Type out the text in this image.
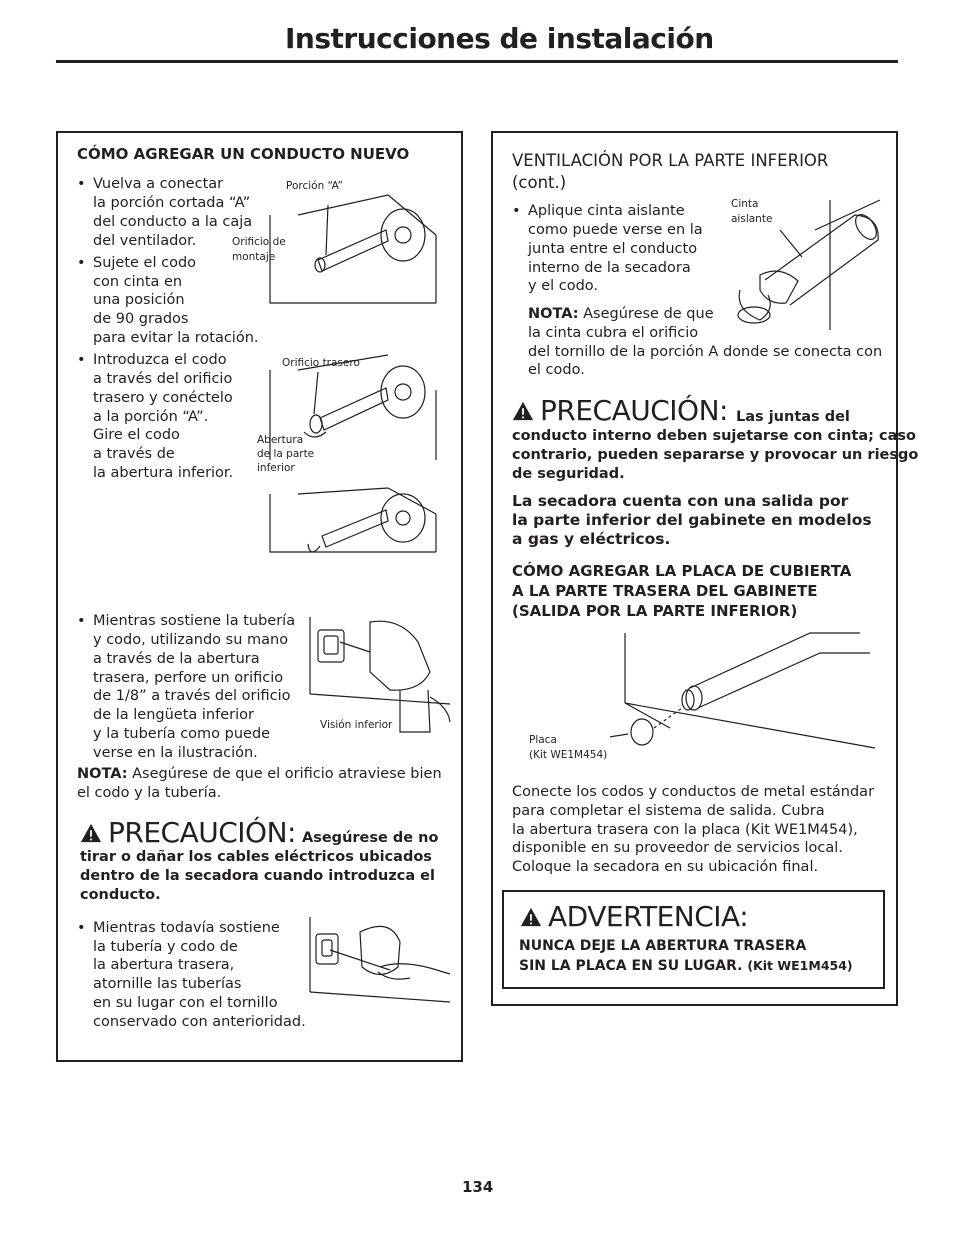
Instrucciones de instalación
CÓMO AGREGAR UN CONDUCTO NUEVO
• Vuelva a conectar

la porción cortada “A”

del conducto a la caja

del ventilador.

• Sujete el codo

con cinta en

una posición

de 90 grados

para evitar la rotación.

Porción “A”
Orificio de
montaje
• Introduzca el codo

a través del orificio

trasero y conéctelo

a la porción “A”.

Gire el codo

a través de

la abertura inferior.

Orificio trasero
Abertura
de la parte
inferior
• Mientras sostiene la tubería

y codo, utilizando su mano

a través de la abertura

trasera, perfore un orificio

de 1/8” a través del orificio

de la lengüeta inferior

y la tubería como puede

verse en la ilustración.

Visión inferior

NOTA: Asegúrese de que el orificio atraviese bien

el codo y la tubería.

PRECAUCIÓN: Asegúrese de no

tirar o dañar los cables eléctricos ubicados

dentro de la secadora cuando introduzca el

conducto.

• Mientras todavía sostiene

la tubería y codo de

la abertura trasera,

atornille las tuberías

en su lugar con el tornillo

conservado con anterioridad.

VENTILACIÓN POR LA PARTE INFERIOR
(cont.)
• Aplique cinta aislante

como puede verse en la

junta entre el conducto

interno de la secadora

y el codo.

Cinta
aislante

NOTA: Asegúrese de que

la cinta cubra el orificio

del tornillo de la porción A donde se conecta con

el codo.

PRECAUCIÓN: Las juntas del

conducto interno deben sujetarse con cinta; caso

contrario, pueden separarse y provocar un riesgo

de seguridad.

La secadora cuenta con una salida por

la parte inferior del gabinete en modelos

a gas y eléctricos.

CÓMO AGREGAR LA PLACA DE CUBIERTA

A LA PARTE TRASERA DEL GABINETE

(SALIDA POR LA PARTE INFERIOR)

Placa
(Kit WE1M454)

Conecte los codos y conductos de metal estándar

para completar el sistema de salida. Cubra

la abertura trasera con la placa (Kit WE1M454),

disponible en su proveedor de servicios local.

Coloque la secadora en su ubicación final.

ADVERTENCIA:

NUNCA DEJE LA ABERTURA TRASERA

SIN LA PLACA EN SU LUGAR. (Kit WE1M454)

134
